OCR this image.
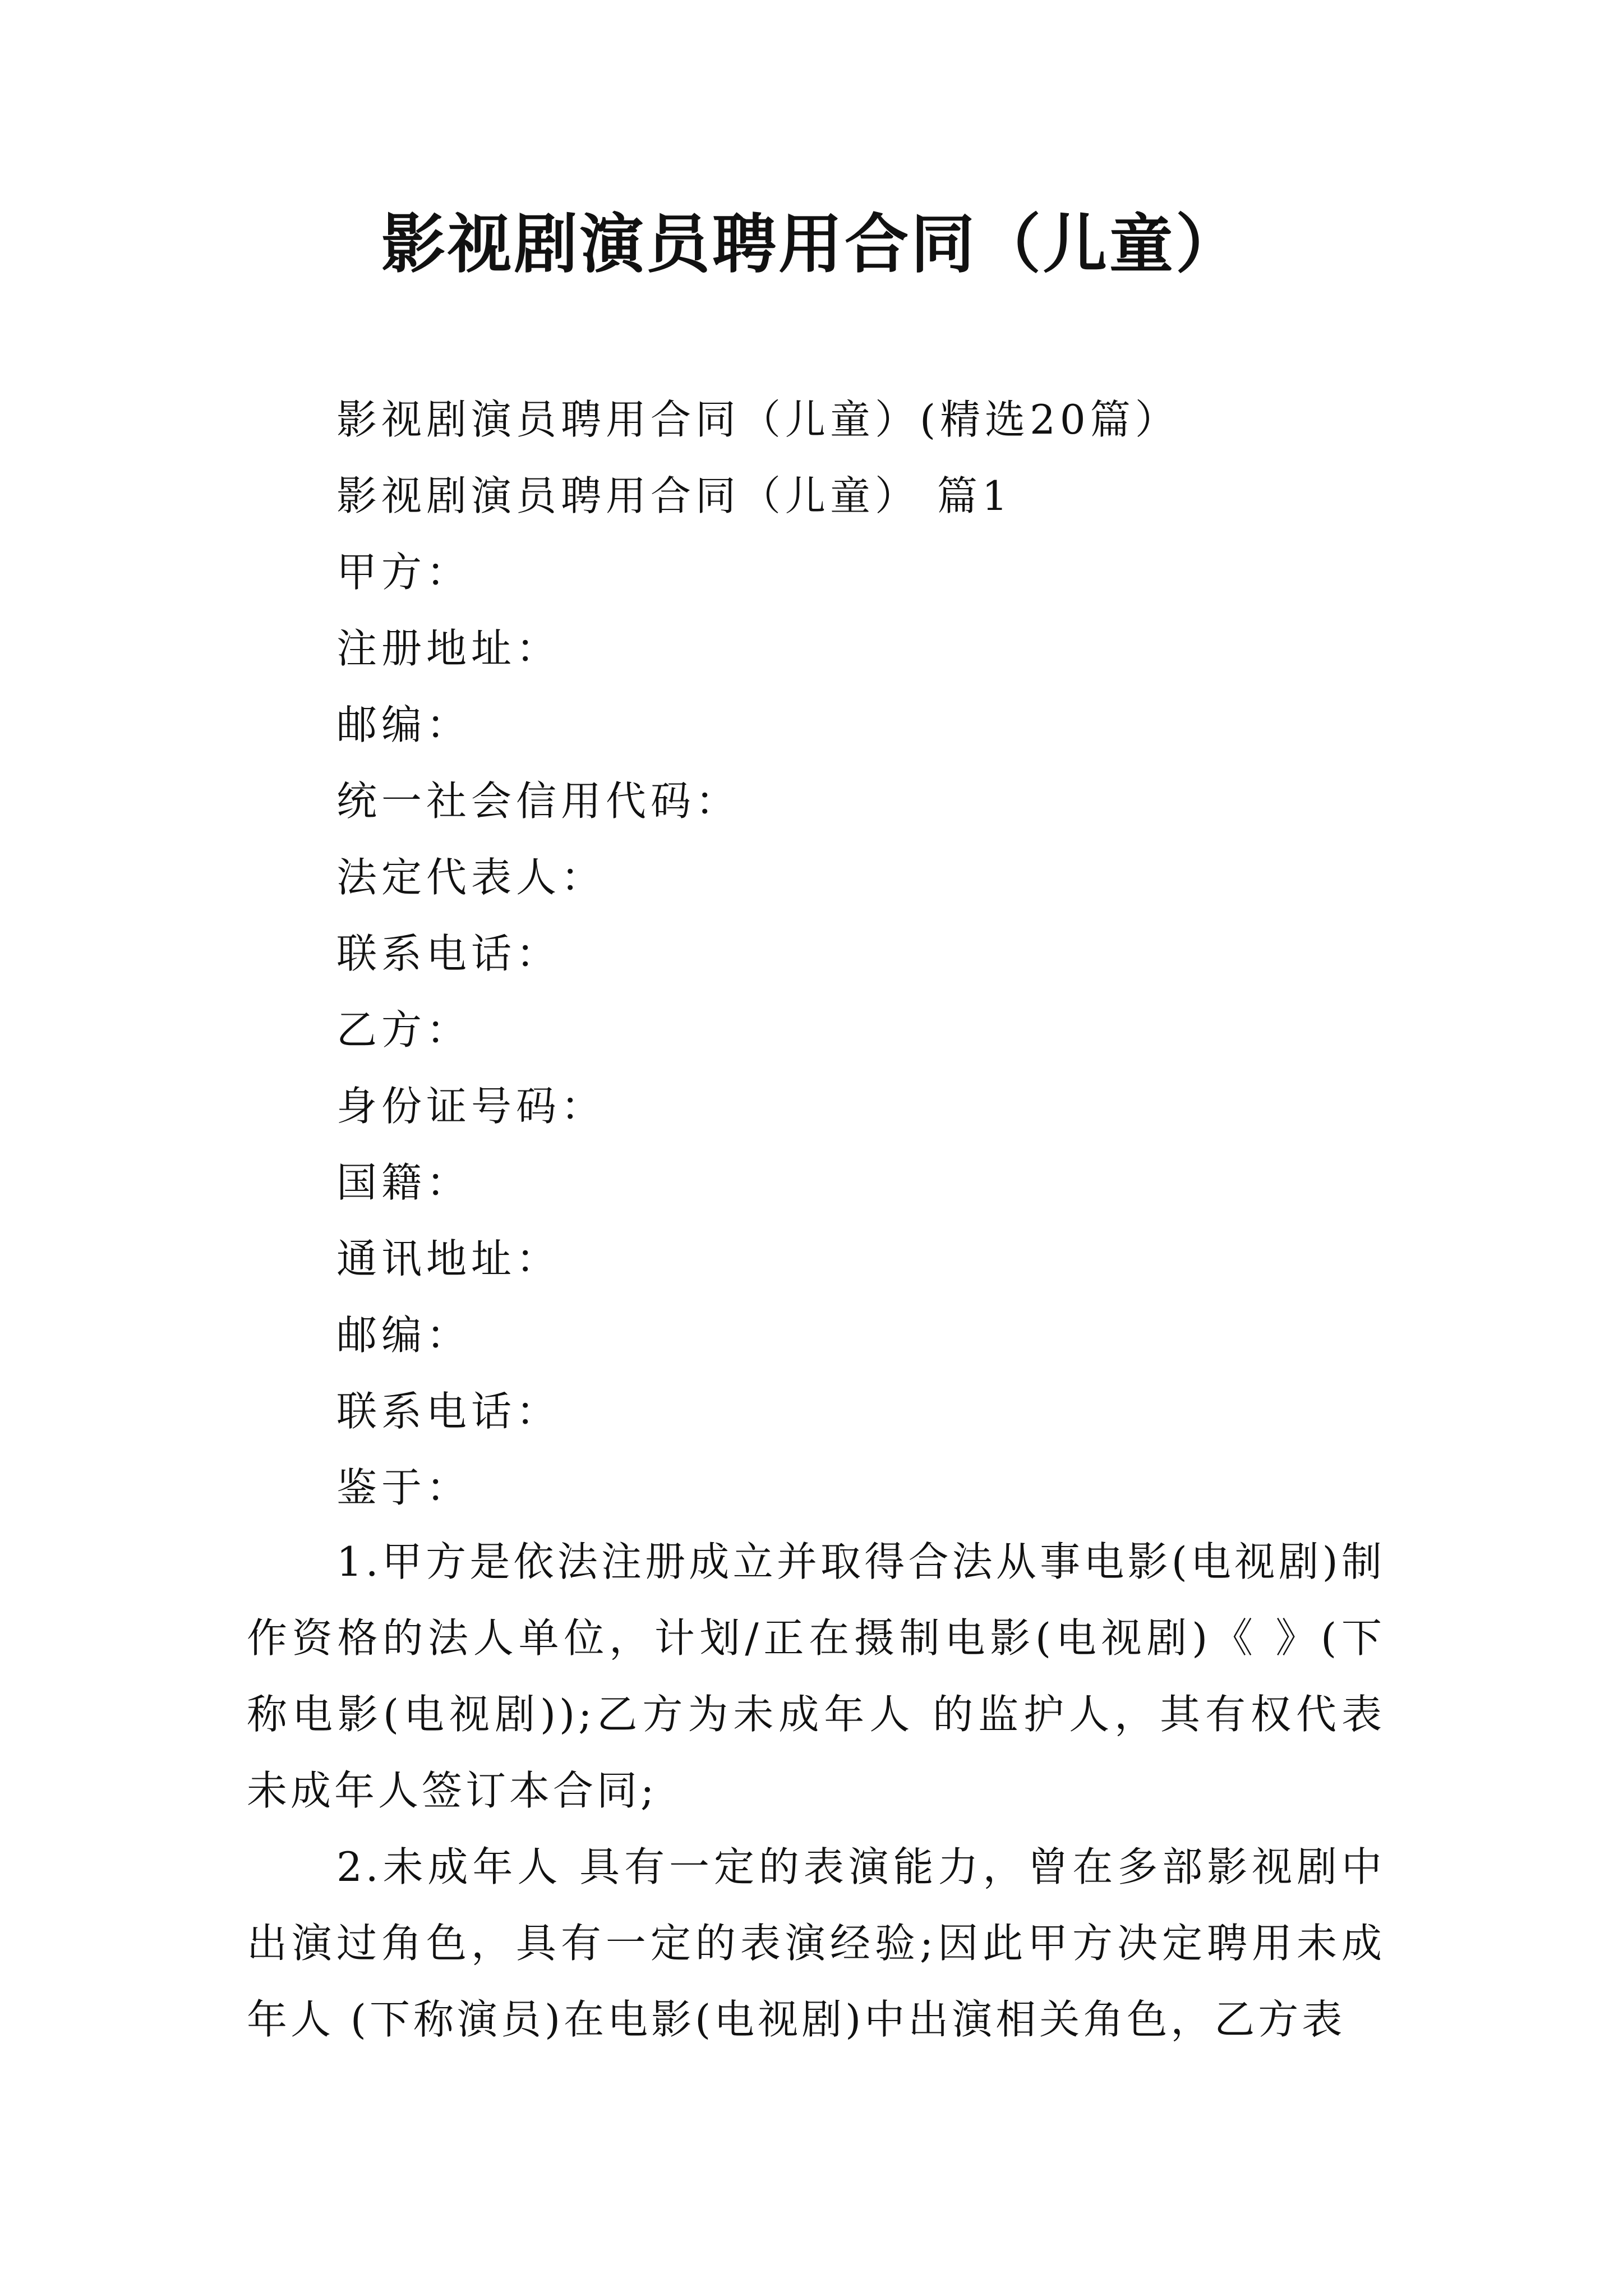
影视剧演员聘用合同（儿童）

影视剧演员聘用合同（儿童）(精选20篇）

影视剧演员聘用合同（儿童） 篇1

甲方：

注册地址：

邮编：

统一社会信用代码：

法定代表人：

联系电话：

乙方：

身份证号码：

国籍：

通讯地址：

邮编：

联系电话：

鉴于：

1.甲方是依法注册成立并取得合法从事电影(电视剧)制作资格的法人单位，计划/正在摄制电影(电视剧)《 》(下称电影(电视剧));乙方为未成年人 的监护人，其有权代表未成年人签订本合同;

2.未成年人 具有一定的表演能力，曾在多部影视剧中出演过角色，具有一定的表演经验;因此甲方决定聘用未成年人 (下称演员)在电影(电视剧)中出演相关角色，乙方表
